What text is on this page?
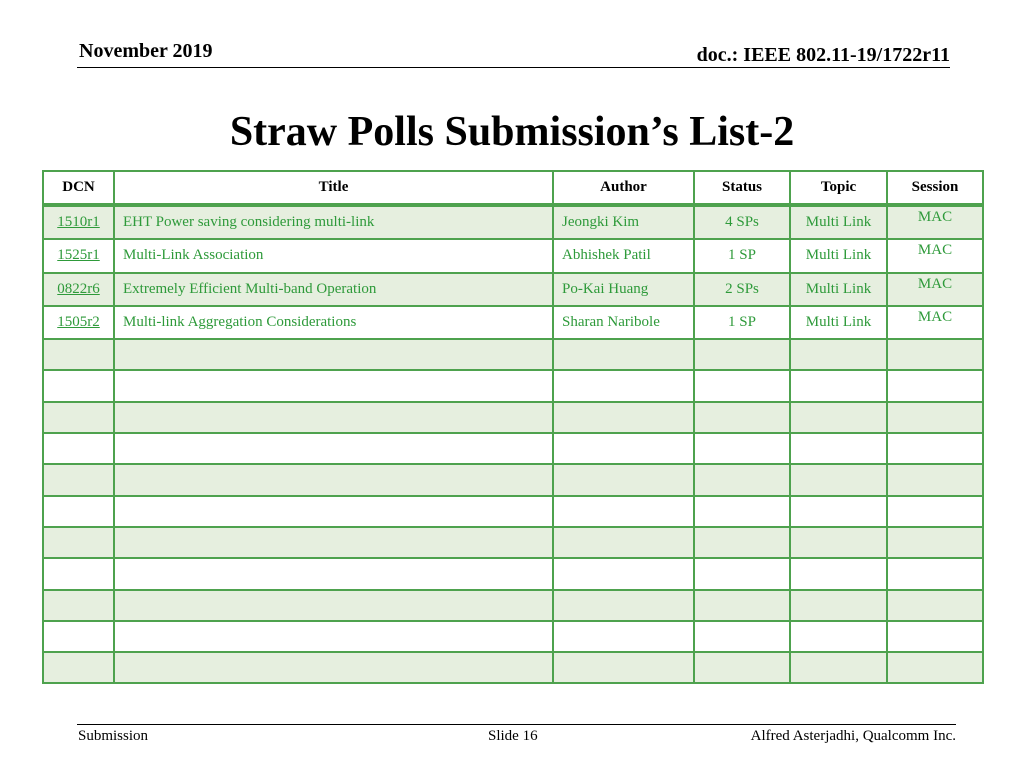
November 2019	doc.: IEEE 802.11-19/1722r11
Straw Polls Submission’s List-2
DCN	Title	Author	Status	Topic	Session
1510r1	EHT Power saving considering multi-link	Jeongki Kim	4 SPs	Multi Link	MAC
1525r1	Multi-Link Association	Abhishek Patil	1 SP	Multi Link	MAC
0822r6	Extremely Efficient Multi-band Operation	Po-Kai Huang	2 SPs	Multi Link	MAC
1505r2	Multi-link Aggregation Considerations	Sharan Naribole	1 SP	Multi Link	MAC

Submission	Slide 16	Alfred Asterjadhi, Qualcomm Inc.
